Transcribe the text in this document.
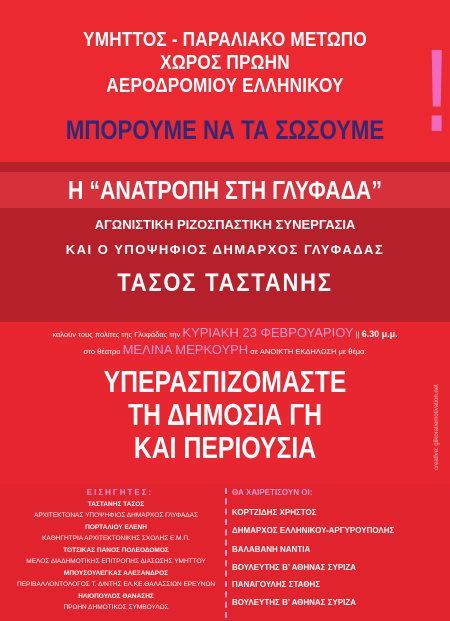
ΥΜΗΤΤΟΣ - ΠΑΡΑΛΙΑΚΟ ΜΕΤΩΠΟ
ΧΩΡΟΣ ΠΡΩΗΝ
ΑΕΡΟΔΡΟΜΙΟΥ ΕΛΛΗΝΙΚΟΥ
ΜΠΟΡΟΥΜΕ ΝΑ ΤΑ ΣΩΣΟΥΜΕ !
Η “ΑΝΑΤΡΟΠΗ ΣΤΗ ΓΛΥΦΑΔΑ”
ΑΓΩΝΙΣΤΙΚΗ ΡΙΖΟΣΠΑΣΤΙΚΗ ΣΥΝΕΡΓΑΣΙΑ
ΚΑΙ Ο ΥΠΟΨΗΦΙΟΣ ΔΗΜΑΡΧΟΣ ΓΛΥΦΑΔΑΣ
ΤΑΣΟΣ ΤΑΣΤΑΝΗΣ
καλούν τους πολίτες της Γλυφάδας την ΚΥΡΙΑΚΗ 23 ΦΕΒΡΟΥΑΡΙΟΥ || 6.30 μ.μ.
στο θέατρο ΜΕΛΙΝΑ ΜΕΡΚΟΥΡΗ σε ΑΝΟΙΚΤΗ ΕΚΔΗΛΩΣΗ με θέμα:
ΥΠΕΡΑΣΠΙΖΟΜΑΣΤΕ
ΤΗ ΔΗΜΟΣΙΑ ΓΗ
ΚΑΙ ΠΕΡΙΟΥΣΙΑ	creative: glikoratiemotivation.net
ΕΙΣΗΓΗΤΕΣ:
ΤΑΣΤΑΝΗΣ ΤΑΣΟΣ
ΑΡΧΙΤΕΚΤΟΝΑΣ ΥΠΟΨΗΦΙΟΣ ΔΗΜΑΡΧΟΣ ΓΛΥΦΑΔΑΣ
ΠΟΡΤΑΛΙΟΥ ΕΛΕΝΗ
ΚΑΘΗΓΗΤΡΙΑ ΑΡΧΙΤΕΚΤΟΝΙΚΗΣ ΣΧΟΛΗΣ Ε.Μ.Π.
ΤΟΤΣΙΚΑΣ ΠΑΝΟΣ ΠΟΛΕΟΔΟΜΟΣ
ΜΕΛΟΣ ΔΙΑΔΗΜΟΤΙΚΗΣ ΕΠΙΤΡΟΠΗΣ ΔΙΑΣΩΣΗΣ ΥΜΗΤΤΟΥ
ΜΠΟΥΣΟΥΛΕΓΚΑΣ ΑΛΕΞΑΝΔΡΟΣ
ΠΕΡΙΒΑΛΛΟΝΤΟΛΟΓΟΣ Τ. Δ/ΝΤΗΣ ΕΛ.ΚΕ.ΘΑΛΑΣΣΙΩΝ ΕΡΕΥΝΩΝ
ΗΛΙΟΠΟΥΛΟΣ ΘΑΝΑΣΗΣ
ΠΡΩΗΝ ΔΗΜΟΤΙΚΟΣ ΣΥΜΒΟΥΛΟΣ
ΘΑ ΧΑΙΡΕΤΙΣΟΥΝ ΟΙ:
ΚΟΡΤΖΙΔΗΣ ΧΡΗΣΤΟΣ
ΔΗΜΑΡΧΟΣ ΕΛΛΗΝΙΚΟΥ-ΑΡΓΥΡΟΥΠΟΛΗΣ
ΒΑΛΑΒΑΝΗ ΝΑΝΤΙΑ
ΒΟΥΛΕΥΤΗΣ Β’ ΑΘΗΝΑΣ ΣΥΡΙΖΑ
ΠΑΝΑΓΟΥΛΗΣ ΣΤΑΘΗΣ
ΒΟΥΛΕΥΤΗΣ Β’ ΑΘΗΝΑΣ ΣΥΡΙΖΑ
